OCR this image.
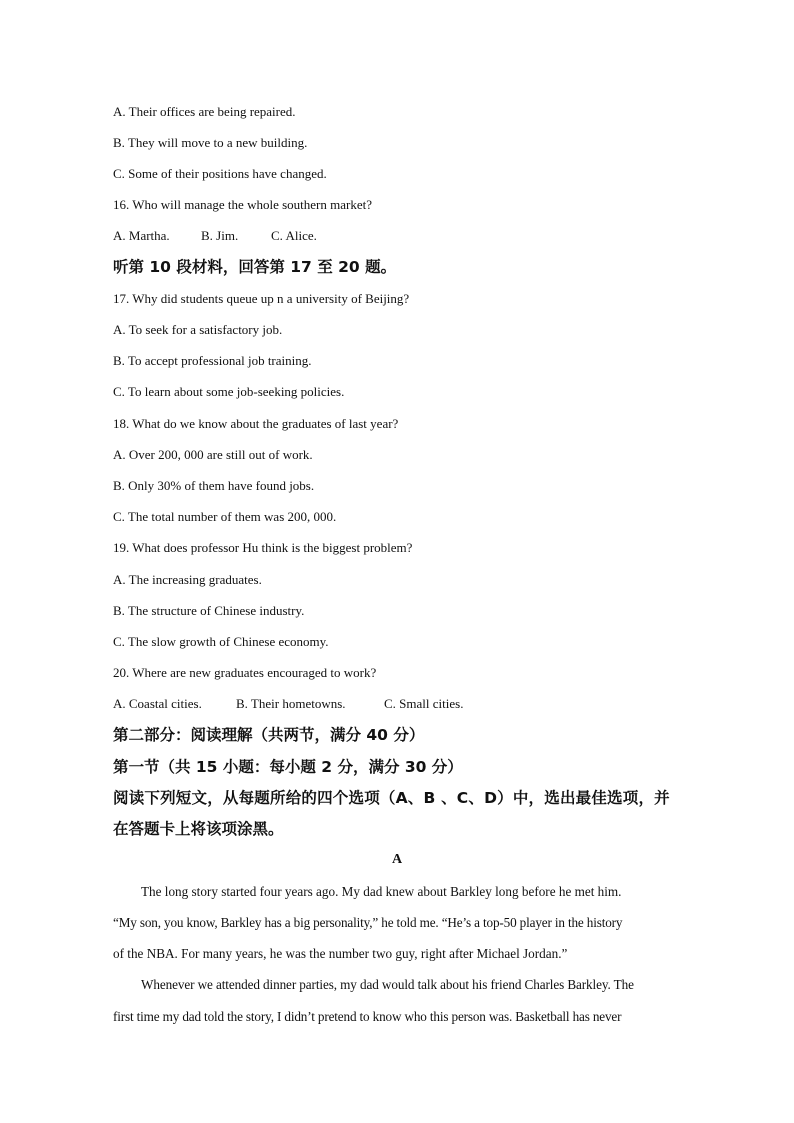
A. Their offices are being repaired.
B. They will move to a new building.
C. Some of their positions have changed.
16. Who will manage the whole southern market?
A. Martha. B. Jim.	C. Alice.
听第 10 段材料，回答第 17 至 20 题。
17. Why did students queue up n a university of Beijing?
A. To seek for a satisfactory job.
B. To accept professional job training.
C. To learn about some job-seeking policies.
18. What do we know about the graduates of last year?
A. Over 200, 000 are still out of work.
B. Only 30% of them have found jobs.
C. The total number of them was 200, 000.
19. What does professor Hu think is the biggest problem?
A. The increasing graduates.
B. The structure of Chinese industry.
C. The slow growth of Chinese economy.
20. Where are new graduates encouraged to work?
A. Coastal cities.	B. Their hometowns.	C. Small cities.
第二部分：阅读理解（共两节，满分 40 分）
第一节（共 15 小题：每小题 2 分，满分 30 分）
阅读下列短文，从每题所给的四个选项（A、B 、C、D）中，选出最佳选项，并
在答题卡上将该项涂黑。
A
The long story started four years ago. My dad knew about Barkley long before he met him.
“My son, you know, Barkley has a big personality,” he told me. “He’s a top-50 player in the history
of the NBA. For many years, he was the number two guy, right after Michael Jordan.”
Whenever we attended dinner parties, my dad would talk about his friend Charles Barkley. The
first time my dad told the story, I didn’t pretend to know who this person was. Basketball has never
